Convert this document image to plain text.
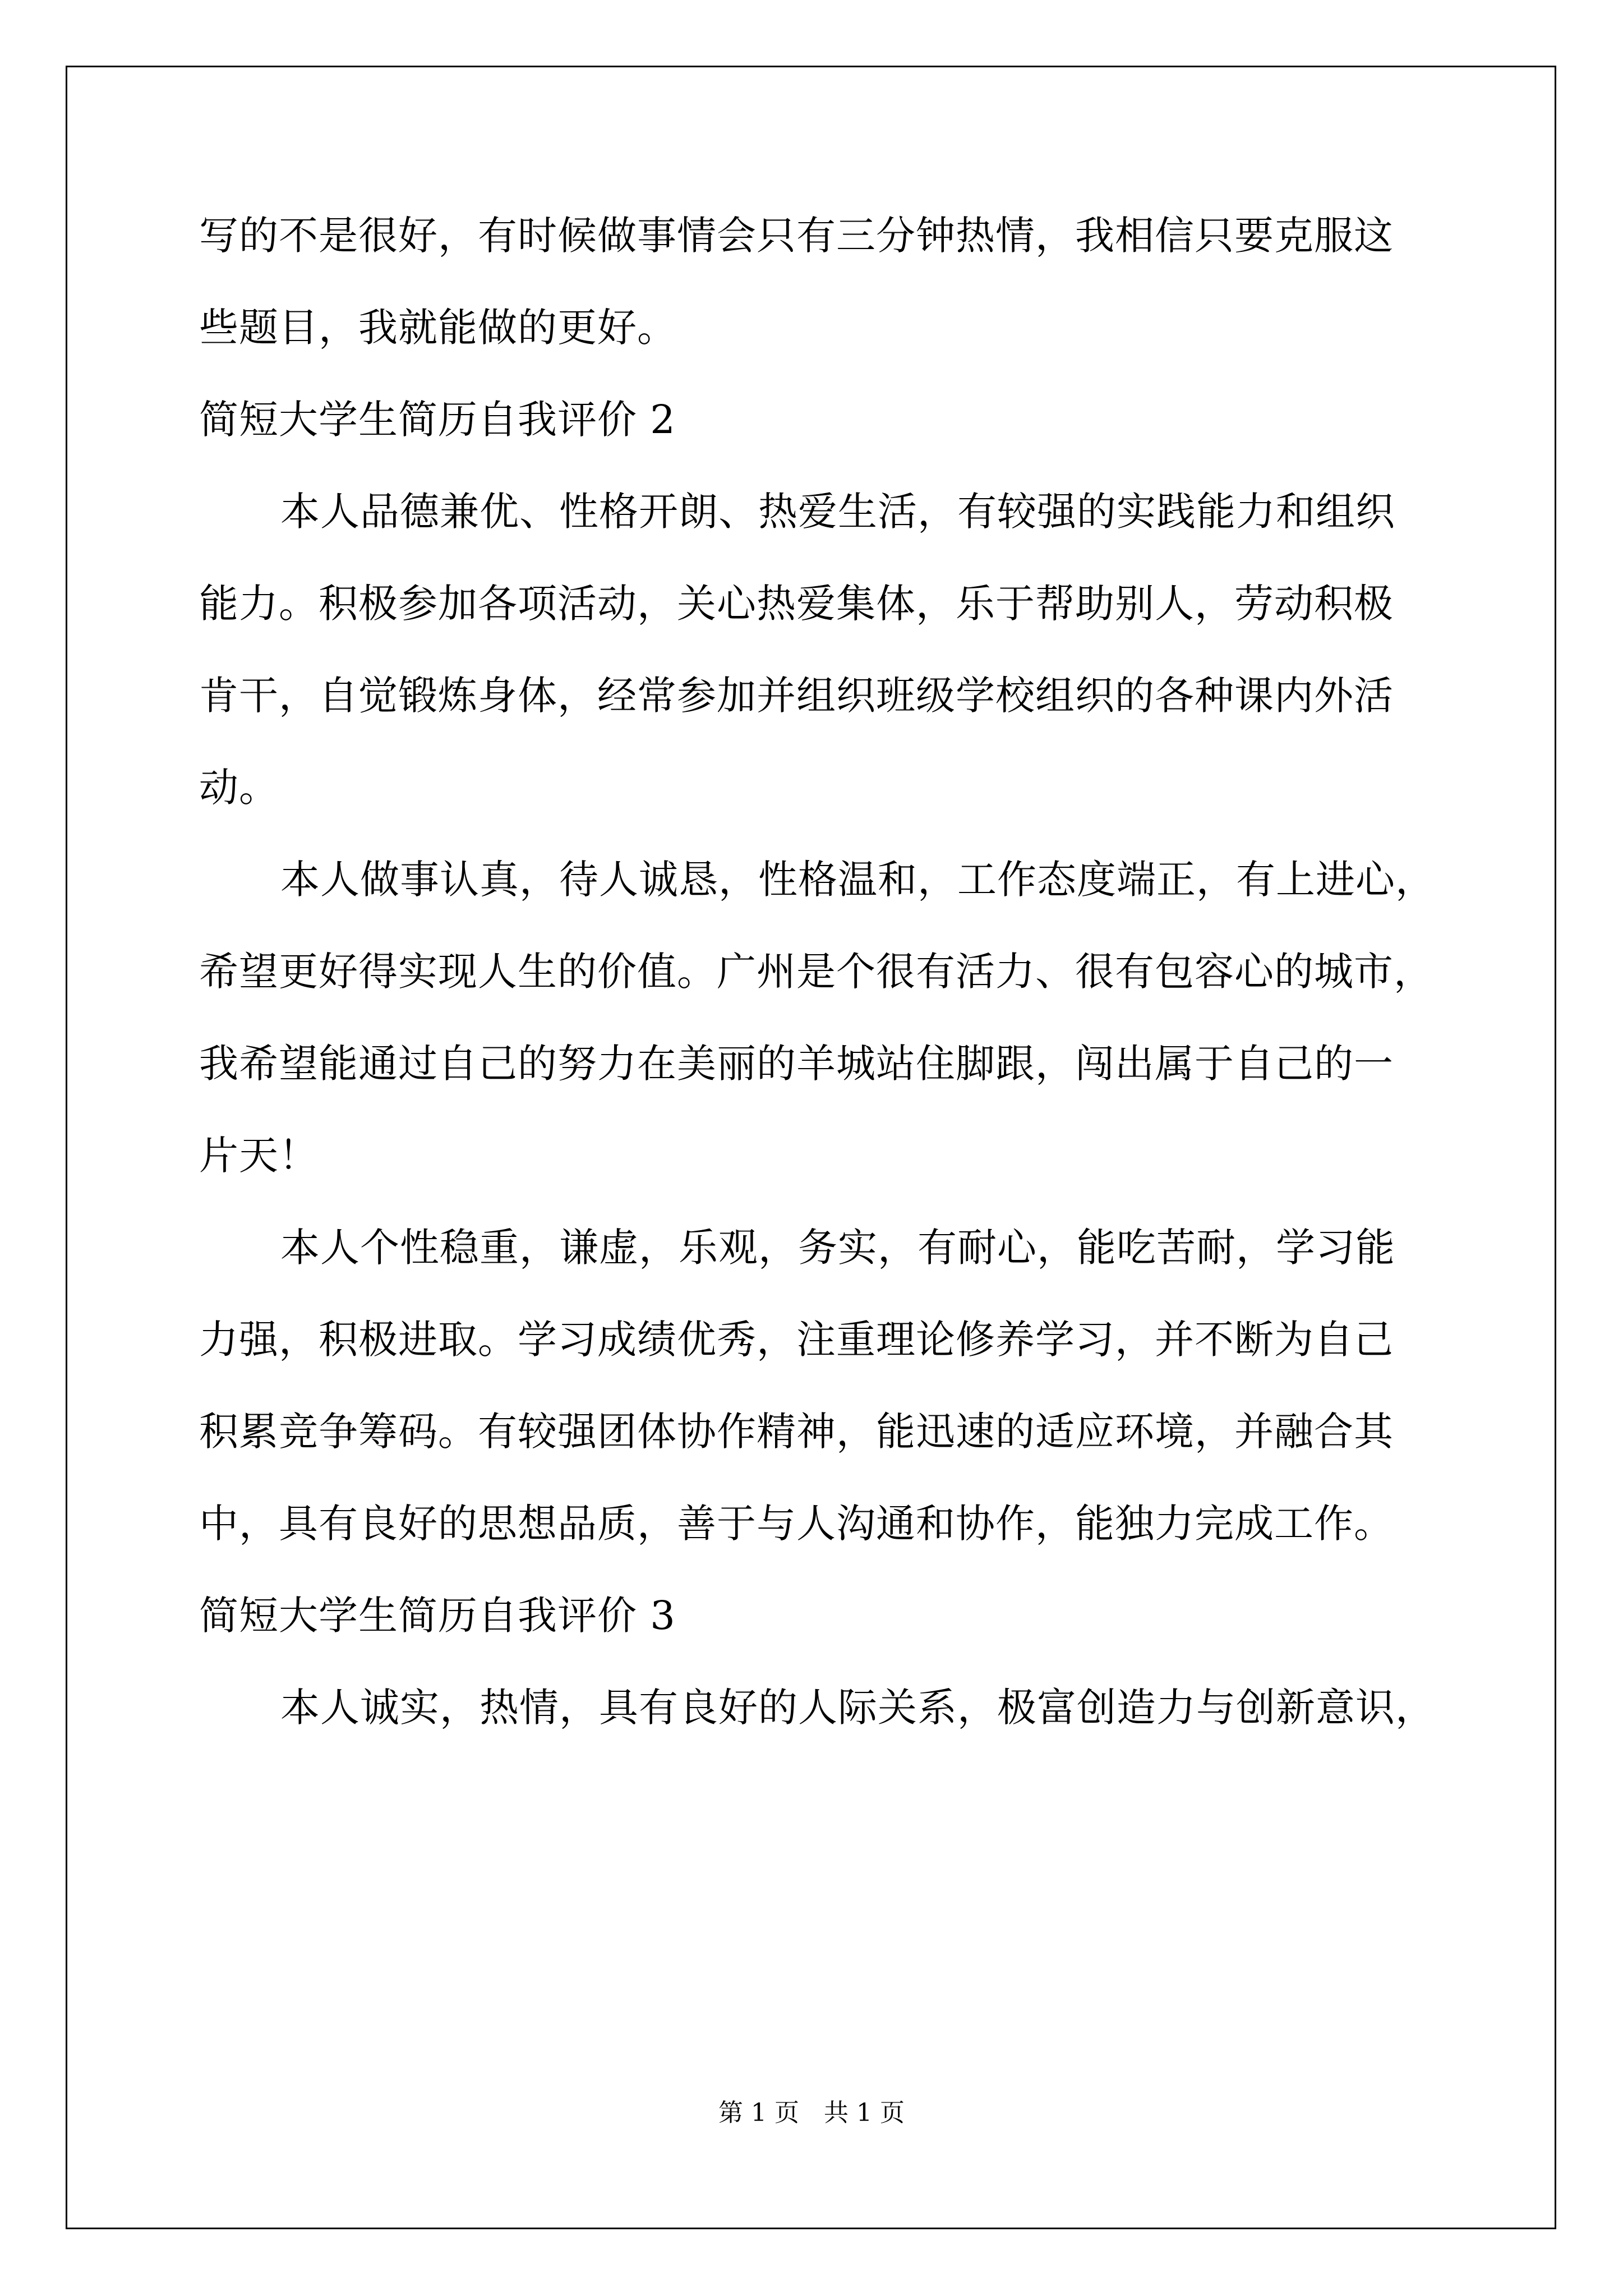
写的不是很好，有时候做事情会只有三分钟热情，我相信只要克服这
些题目，我就能做的更好。
简短大学生简历自我评价 2
本人品德兼优、性格开朗、热爱生活，有较强的实践能力和组织
能力。积极参加各项活动，关心热爱集体，乐于帮助别人，劳动积极
肯干，自觉锻炼身体，经常参加并组织班级学校组织的各种课内外活
动。
本人做事认真，待人诚恳，性格温和，工作态度端正，有上进心，
希望更好得实现人生的价值。广州是个很有活力、很有包容心的城市，
我希望能通过自己的努力在美丽的羊城站住脚跟，闯出属于自己的一
片天！
本人个性稳重，谦虚，乐观，务实，有耐心，能吃苦耐，学习能
力强，积极进取。学习成绩优秀，注重理论修养学习，并不断为自己
积累竞争筹码。有较强团体协作精神，能迅速的适应环境，并融合其
中，具有良好的思想品质，善于与人沟通和协作，能独力完成工作。
简短大学生简历自我评价 3
本人诚实，热情，具有良好的人际关系，极富创造力与创新意识，
第 1 页　共 1 页
